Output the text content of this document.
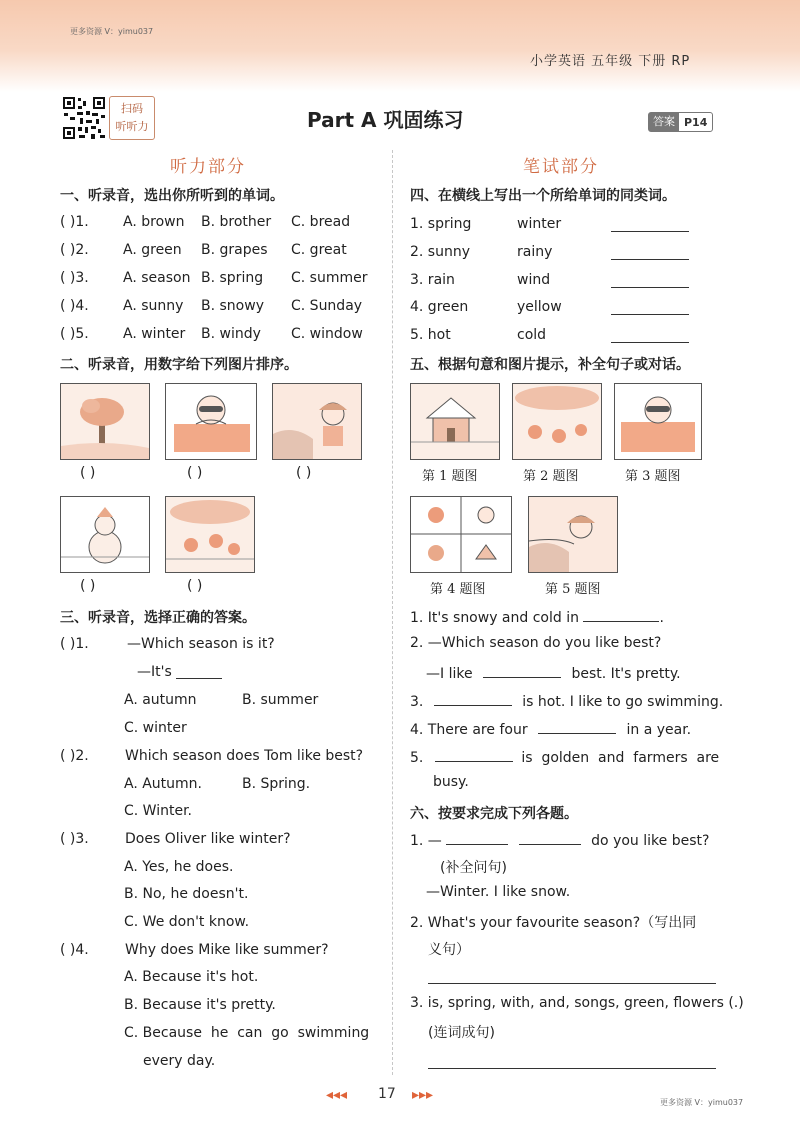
更多资源 V：yimu037
小学英语 五年级 下册 RP
扫码
听听力	Part A 巩固练习	答案 P14
听力部分
一、听录音，选出你所听到的单词。
( )1. A. brown B. brother C. bread
( )2. A. green B. grapes C. great
( )3. A. season B. spring C. summer
( )4. A. sunny B. snowy C. Sunday
( )5. A. winter B. windy C. window
二、听录音，用数字给下列图片排序。
( )	( )	( )
( )	( )
三、听录音，选择正确的答案。
( )1.	—Which season is it?
—It's
A. autumn	B. summer
C. winter
( )2.	Which season does Tom like best?
A. Autumn.	B. Spring.
C. Winter.
( )3.	Does Oliver like winter?
A. Yes, he does.
B. No, he doesn't.
C. We don't know.
( )4.	Why does Mike like summer?
A. Because it's hot.
B. Because it's pretty.
C. Because  he  can  go  swimming
every day.
笔试部分
四、在横线上写出一个所给单词的同类词。
1. spring	winter
2. sunny	rainy
3. rain	wind
4. green	yellow
5. hot	cold
五、根据句意和图片提示，补全句子或对话。
第 1 题图	第 2 题图	第 3 题图
第 4 题图	第 5 题图
1. It's snowy and cold in	.
2. —Which season do you like best?
—I like	best. It's pretty.
3.	is hot. I like to go swimming.
4. There are four	in a year.
5.	is  golden  and  farmers  are
busy.
六、按要求完成下列各题。
1. —	do you like best?
(补全问句)
—Winter. I like snow.
2. What's your favourite season?（写出同
义句）
3. is, spring, with, and, songs, green, flowers (.)
(连词成句)
◂◂◂ 17 ▸▸▸	更多资源 V：yimu037
